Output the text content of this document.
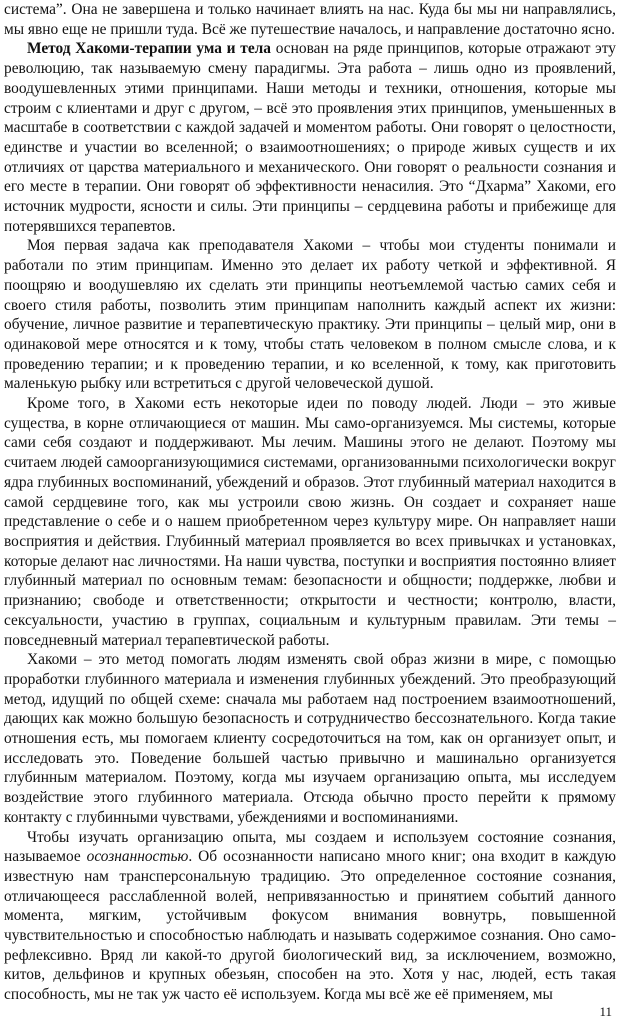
система”. Она не завершена и только начинает влиять на нас. Куда бы мы ни направлялись, мы явно еще не пришли туда. Всё же путешествие началось, и направление достаточно ясно.

Метод Хакоми-терапии ума и тела основан на ряде принципов, которые отражают эту революцию, так называемую смену парадигмы. Эта работа – лишь одно из проявлений, воодушевленных этими принципами. Наши методы и техники, отношения, которые мы строим с клиентами и друг с другом, – всё это проявления этих принципов, уменьшенных в масштабе в соответствии с каждой задачей и моментом работы. Они говорят о целостности, единстве и участии во вселенной; о взаимоотношениях; о природе живых существ и их отличиях от царства материального и механического. Они говорят о реальности сознания и его месте в терапии. Они говорят об эффективности ненасилия. Это “Дхарма” Хакоми, его источник мудрости, ясности и силы. Эти принципы – сердцевина работы и прибежище для потерявшихся терапевтов.

Моя первая задача как преподавателя Хакоми – чтобы мои студенты понимали и работали по этим принципам. Именно это делает их работу четкой и эффективной. Я поощряю и воодушевляю их сделать эти принципы неотъемлемой частью самих себя и своего стиля работы, позволить этим принципам наполнить каждый аспект их жизни: обучение, личное развитие и терапевтическую практику. Эти принципы – целый мир, они в одинаковой мере относятся и к тому, чтобы стать человеком в полном смысле слова, и к проведению терапии; и к проведению терапии, и ко вселенной, к тому, как приготовить маленькую рыбку или встретиться с другой человеческой душой.

Кроме того, в Хакоми есть некоторые идеи по поводу людей. Люди – это живые существа, в корне отличающиеся от машин. Мы само-организуемся. Мы системы, которые сами себя создают и поддерживают. Мы лечим. Машины этого не делают. Поэтому мы считаем людей самоорганизующимися системами, организованными психологически вокруг ядра глубинных воспоминаний, убеждений и образов. Этот глубинный материал находится в самой сердцевине того, как мы устроили свою жизнь. Он создает и сохраняет наше представление о себе и о нашем приобретенном через культуру мире. Он направляет наши восприятия и действия. Глубинный материал проявляется во всех привычках и установках, которые делают нас личностями. На наши чувства, поступки и восприятия постоянно влияет глубинный материал по основным темам: безопасности и общности; поддержке, любви и признанию; свободе и ответственности; открытости и честности; контролю, власти, сексуальности, участию в группах, социальным и культурным правилам. Эти темы – повседневный материал терапевтической работы.

Хакоми – это метод помогать людям изменять свой образ жизни в мире, с помощью проработки глубинного материала и изменения глубинных убеждений. Это преобразующий метод, идущий по общей схеме: сначала мы работаем над построением взаимоотношений, дающих как можно большую безопасность и сотрудничество бессознательного. Когда такие отношения есть, мы помогаем клиенту сосредоточиться на том, как он организует опыт, и исследовать это. Поведение большей частью привычно и машинально организуется глубинным материалом. Поэтому, когда мы изучаем организацию опыта, мы исследуем воздействие этого глубинного материала. Отсюда обычно просто перейти к прямому контакту с глубинными чувствами, убеждениями и воспоминаниями.

Чтобы изучать организацию опыта, мы создаем и используем состояние сознания, называемое осознанностью. Об осознанности написано много книг; она входит в каждую известную нам трансперсональную традицию. Это определенное состояние сознания, отличающееся расслабленной волей, непривязанностью и принятием событий данного момента, мягким, устойчивым фокусом внимания вовнутрь, повышенной чувствительностью и способностью наблюдать и называть содержимое сознания. Оно само-рефлексивно. Вряд ли какой-то другой биологический вид, за исключением, возможно, китов, дельфинов и крупных обезьян, способен на это. Хотя у нас, людей, есть такая способность, мы не так уж часто её используем. Когда мы всё же её применяем, мы

11
